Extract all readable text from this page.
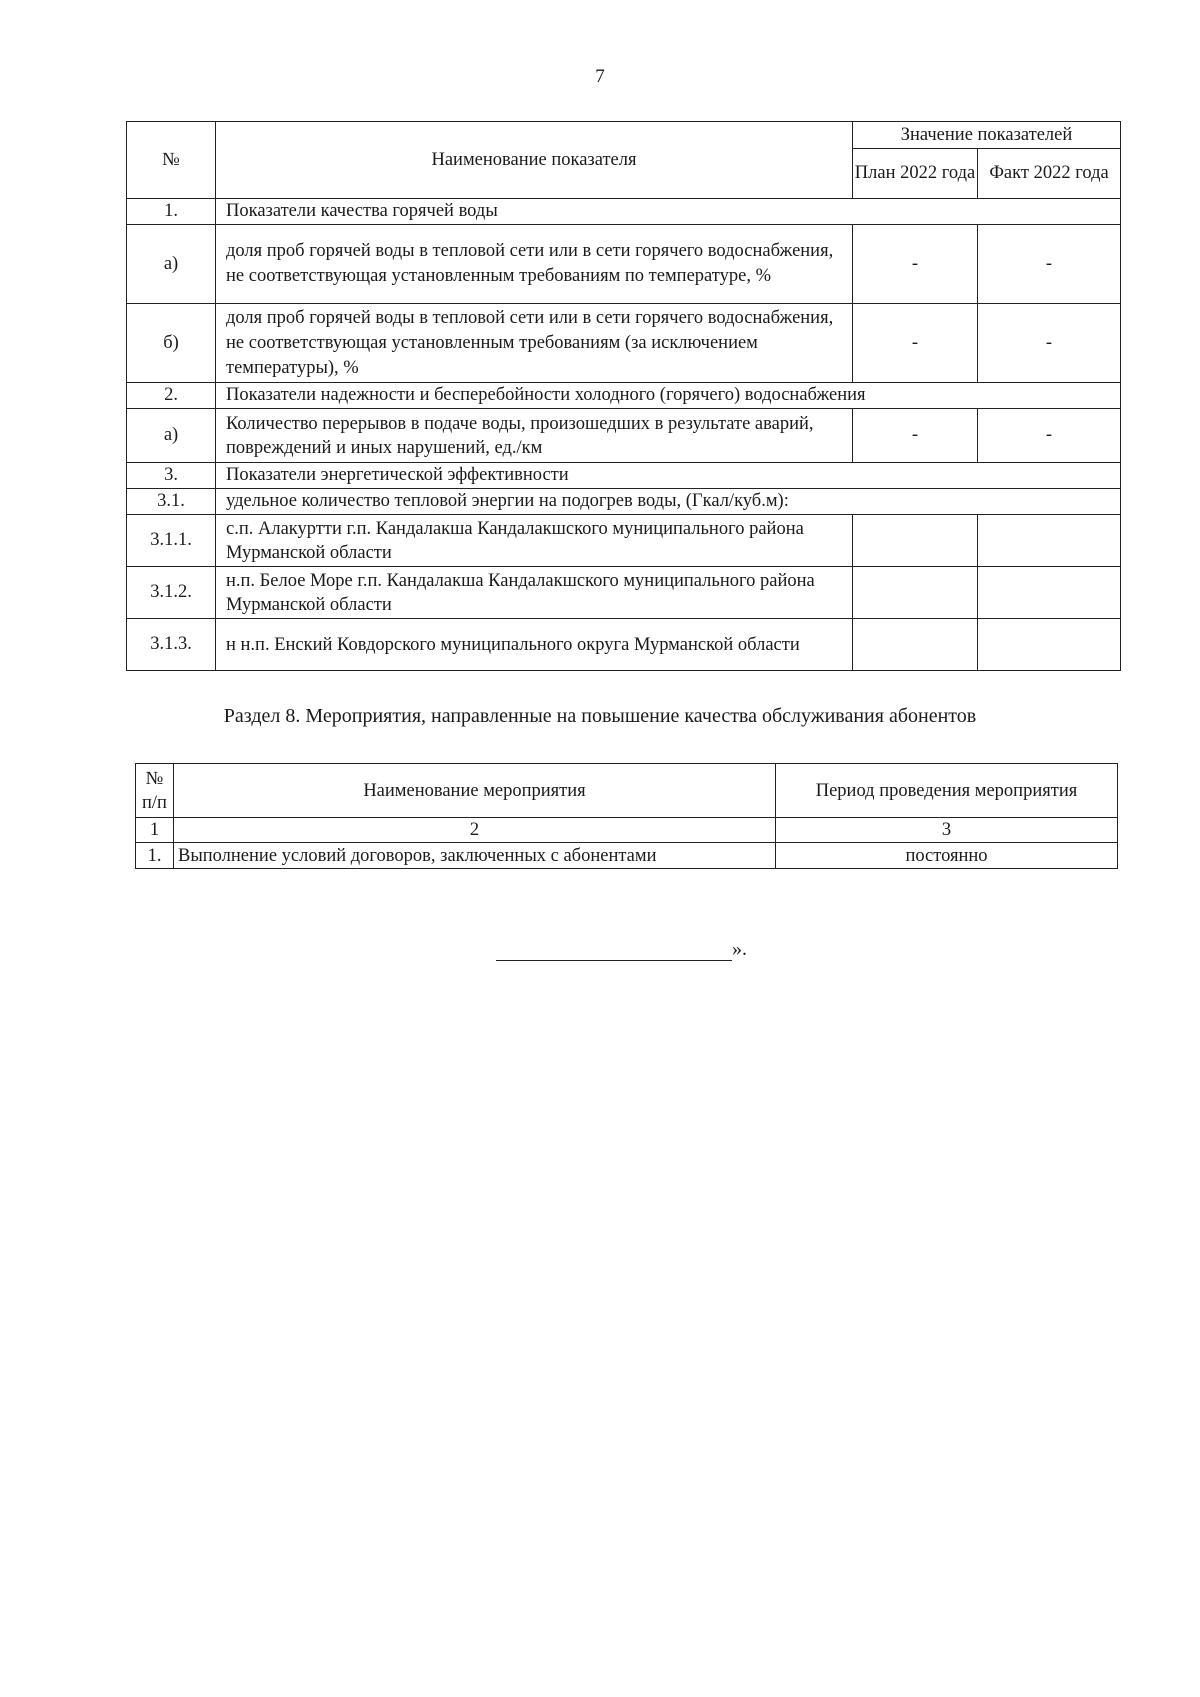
7
№	Наименование показателя	Значение показателей	
		План 2022 года	Факт 2022 года
1.	Показатели качества горячей воды		
а)	доля проб горячей воды в тепловой сети или в сети горячего водоснабжения, не соответствующая установленным требованиям по температуре, %	-	-
б)	доля проб горячей воды в тепловой сети или в сети горячего водоснабжения, не соответствующая установленным требованиям (за исключением температуры), %	-	-
2.	Показатели надежности и бесперебойности холодного (горячего) водоснабжения		
а)	Количество перерывов в подаче воды, произошедших в результате аварий, повреждений и иных нарушений, ед./км	-	-
3.	Показатели энергетической эффективности		
3.1.	удельное количество тепловой энергии на подогрев воды, (Гкал/куб.м):		
3.1.1.	с.п. Алакуртти г.п. Кандалакша Кандалакшского муниципального района Мурманской области		
3.1.2.	н.п. Белое Море г.п. Кандалакша Кандалакшского муниципального района Мурманской области		
3.1.3.	н н.п. Енский Ковдорского муниципального округа Мурманской области		
Раздел 8. Мероприятия, направленные на повышение качества обслуживания абонентов
№ п/п	Наименование мероприятия	Период проведения мероприятия
1	2	3
1.	Выполнение условий договоров, заключенных с абонентами	постоянно
».
